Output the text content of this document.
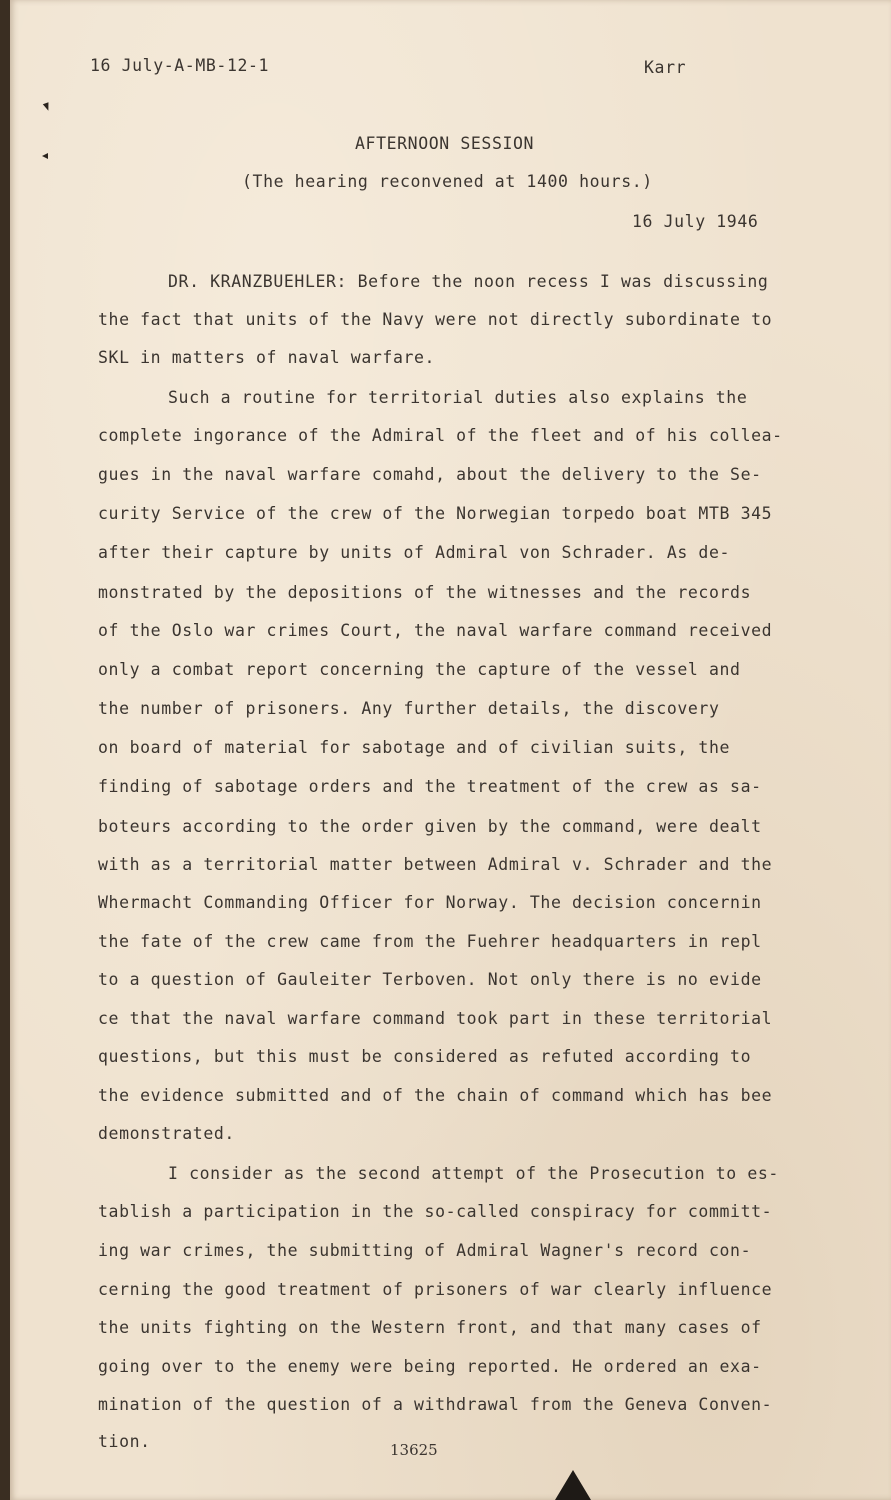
16 July-A-MB-12-1	Karr

AFTERNOON SESSION

(The hearing reconvened at 1400 hours.)

16 July 1946

DR. KRANZBUEHLER: Before the noon recess I was discussing

the fact that units of the Navy were not directly subordinate to

SKL in matters of naval warfare.

Such a routine for territorial duties also explains the

complete ingorance of the Admiral of the fleet and of his collea-

gues in the naval warfare comahd, about the delivery to the Se-

curity Service of the crew of the Norwegian torpedo boat MTB 345

after their capture by units of Admiral von Schrader. As de-

monstrated by the depositions of the witnesses and the records

of the Oslo war crimes Court, the naval warfare command received

only a combat report concerning the capture of the vessel and

the number of prisoners. Any further details, the discovery

on board of material for sabotage and of civilian suits, the

finding of sabotage orders and the treatment of the crew as sa-

boteurs according to the order given by the command, were dealt

with as a territorial matter between Admiral v. Schrader and the

Whermacht Commanding Officer for Norway. The decision concernin

the fate of the crew came from the Fuehrer headquarters in repl

to a question of Gauleiter Terboven. Not only there is no evide

ce that the naval warfare command took part in these territorial

questions, but this must be considered as refuted according to

the evidence submitted and of the chain of command which has bee

demonstrated.

I consider as the second attempt of the Prosecution to es-

tablish a participation in the so-called conspiracy for committ-

ing war crimes, the submitting of Admiral Wagner's record con-

cerning the good treatment of prisoners of war clearly influence

the units fighting on the Western front, and that many cases of

going over to the enemy were being reported. He ordered an exa-

mination of the question of a withdrawal from the Geneva Conven-

tion.	13625
